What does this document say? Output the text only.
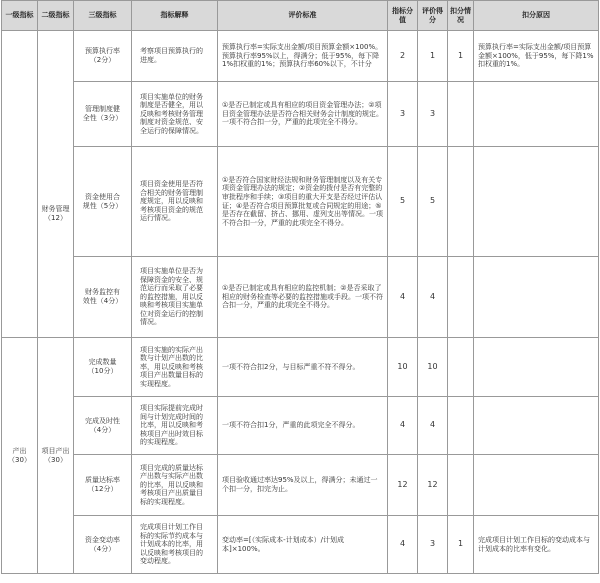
一级指标	二级指标	三级指标	指标解释	评价标准	指标分值	评价得分	扣分情况	扣分原因
	财务管理（12）	预算执行率（2分）	考察项目预算执行的进度。	预算执行率=实际支出金额/项目预算金额×100%。预算执行率95%以上，得满分；低于95%，每下降1%扣权重的1%；预算执行率60%以下，不计分	2	1	1	预算执行率=实际支出金额/项目预算金额×100%，低于95%，每下降1%扣权重的1%。
		管理制度健全性（3分）	项目实施单位的财务制度是否健全，用以反映和考核财务管理制度对资金规范、安全运行的保障情况。	①是否已制定或具有相应的项目资金管理办法；②项目资金管理办法是否符合相关财务会计制度的规定。一项不符合扣一分，严重的此项完全不得分。	3	3		
		资金使用合规性（5分）	项目资金使用是否符合相关的财务管理制度规定，用以反映和考核项目资金的规范运行情况。	①是否符合国家财经法规和财务管理制度以及有关专项资金管理办法的规定；②资金的拨付是否有完整的审批程序和手续；③项目的重大开支是否经过评估认证；④是否符合项目预算批复或合同规定的用途；⑤是否存在截留、挤占、挪用、虚列支出等情况。一项不符合扣一分，严重的此项完全不得分。	5	5		
		财务监控有效性（4分）	项目实施单位是否为保障资金的安全、规范运行而采取了必要的监控措施，用以反映和考核项目实施单位对资金运行的控制情况。	①是否已制定或具有相应的监控机制；②是否采取了相应的财务检查等必要的监控措施或手段。一项不符合扣一分，严重的此项完全不得分。	4	4		
产出（30）	项目产出（30）	完成数量（10分）	项目实施的实际产出数与计划产出数的比率，用以反映和考核项目产出数量目标的实现程度。	一项不符合扣2分，与目标严重不符不得分。	10	10		
		完成及时性（4分）	项目实际提前完成时间与计划完成时间的比率，用以反映和考核项目产出时效目标的实现程度。	一项不符合扣1分，严重的此项完全不得分。	4	4		
		质量达标率（12分）	项目完成的质量达标产出数与实际产出数的比率，用以反映和考核项目产出质量目标的实现程度。	项目验收通过率达95%及以上，得满分；未通过一个扣一分，扣完为止。	12	12		
		资金变动率（4分）	完成项目计划工作目标的实际节约成本与计划成本的比率，用以反映和考核项目的变动程度。	变动率=[（实际成本-计划成本）/计划成本]×100%。	4	3	1	完成项目计划工作目标的变动成本与计划成本的比率有变化。
